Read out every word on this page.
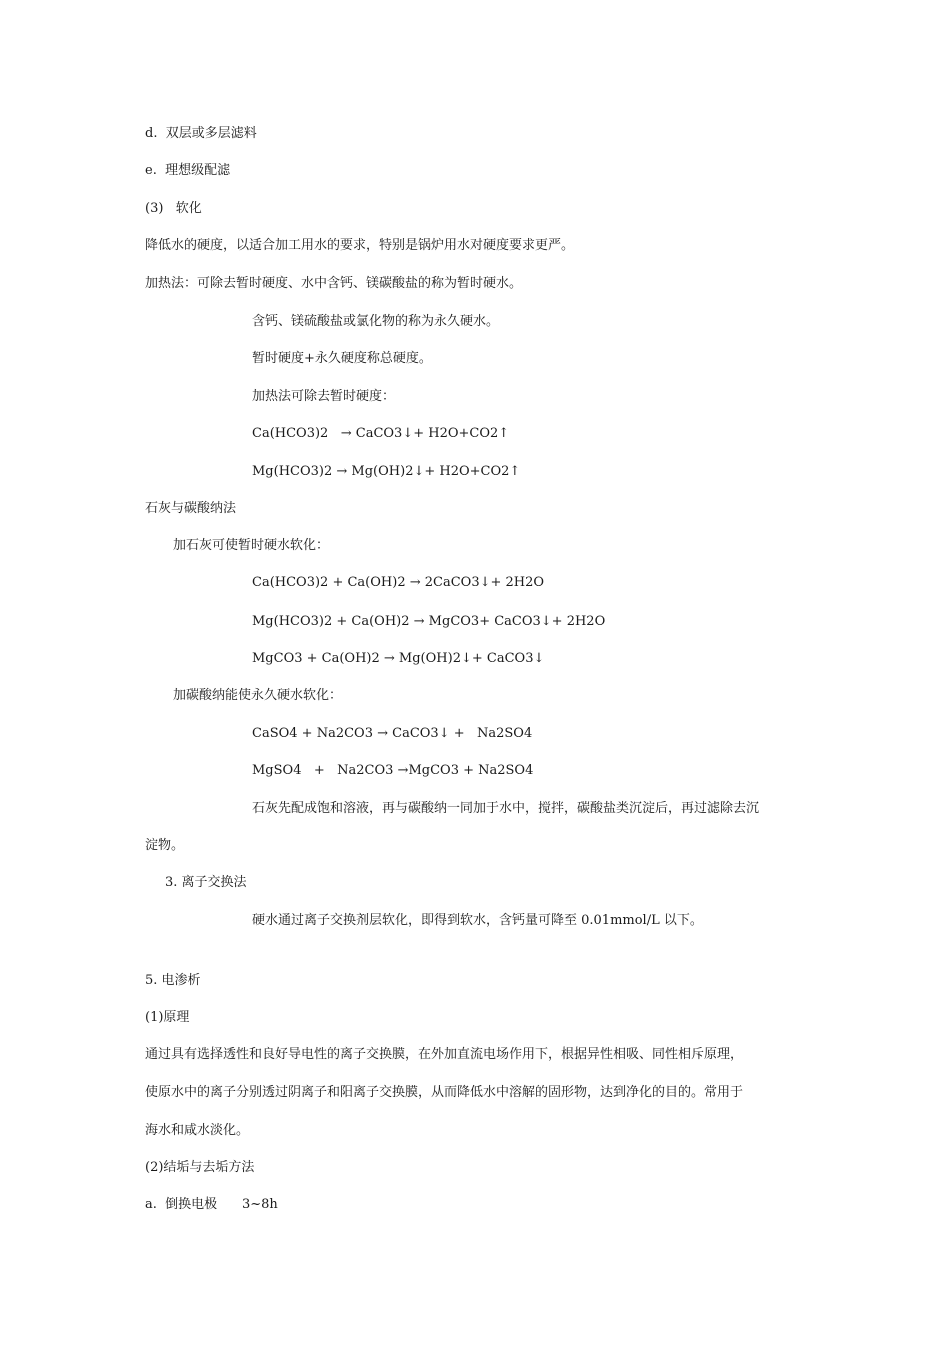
d.  双层或多层滤料
e.  理想级配滤
(3)   软化
降低水的硬度，以适合加工用水的要求，特别是锅炉用水对硬度要求更严。
加热法：可除去暂时硬度、水中含钙、镁碳酸盐的称为暂时硬水。
含钙、镁硫酸盐或氯化物的称为永久硬水。
暂时硬度+永久硬度称总硬度。
加热法可除去暂时硬度：
Ca(HCO3)2   → CaCO3↓+ H2O+CO2↑
Mg(HCO3)2 → Mg(OH)2↓+ H2O+CO2↑
石灰与碳酸纳法
加石灰可使暂时硬水软化：
Ca(HCO3)2 + Ca(OH)2 → 2CaCO3↓+ 2H2O
Mg(HCO3)2 + Ca(OH)2 → MgCO3+ CaCO3↓+ 2H2O
MgCO3 + Ca(OH)2 → Mg(OH)2↓+ CaCO3↓
加碳酸纳能使永久硬水软化：
CaSO4 + Na2CO3 → CaCO3↓ +   Na2SO4
MgSO4   +   Na2CO3 →MgCO3 + Na2SO4
石灰先配成饱和溶液，再与碳酸纳一同加于水中，搅拌，碳酸盐类沉淀后，再过滤除去沉
淀物。
3. 离子交换法
硬水通过离子交换剂层软化，即得到软水，含钙量可降至 0.01mmol/L 以下。
5. 电渗析
(1)原理
通过具有选择透性和良好导电性的离子交换膜，在外加直流电场作用下，根据异性相吸、同性相斥原理，
使原水中的离子分别透过阴离子和阳离子交换膜，从而降低水中溶解的固形物，达到净化的目的。常用于
海水和咸水淡化。
(2)结垢与去垢方法
a.  倒换电极      3~8h
